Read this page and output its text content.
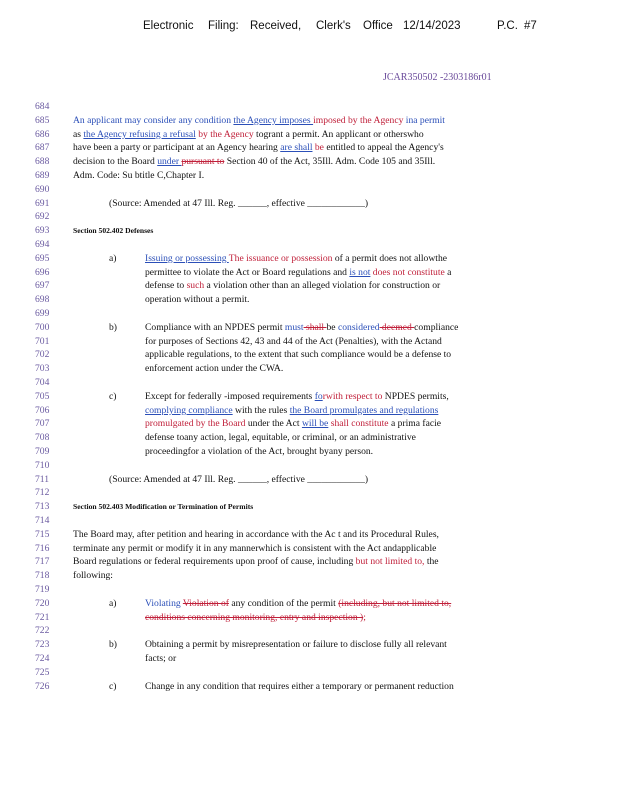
Electronic Filing: Received, Clerk's Office 12/14/2023	P.C. #7
JCAR350502 -2303186r01
684
685
686
687
688
689
690
691
692
693
694
695
696
697
698
699
700
701
702
703
704
705
706
707
708
709
710
711
712
713
714
715
716
717
718
719
720
721
722
723
724
725
726
An applicant may consider any condition the Agency imposes imposed by the Agency ina permit
as the Agency refusing a refusal by the Agency togrant a permit. An applicant or otherswho
have been a party or participant at an Agency hearing are shall be entitled to appeal the Agency's
decision to the Board under pursuant to Section 40 of the Act, 35Ill. Adm. Code 105 and 35Ill.
Adm. Code: Su btitle C,Chapter I.
(Source: Amended at 47 Ill. Reg. ______, effective ____________)
Section 502.402 Defenses
a)	Issuing or possessing The issuance or possession of a permit does not allowthe
permittee to violate the Act or Board regulations and is not does not constitute a
defense to such a violation other than an alleged violation for construction or
operation without a permit.
b)	Compliance with an NPDES permit must shall be considered deemed compliance
for purposes of Sections 42, 43 and 44 of the Act (Penalties), with the Actand
applicable regulations, to the extent that such compliance would be a defense to
enforcement action under the CWA.
c)	Except for federally -imposed requirements forwith respect to NPDES permits,
complying compliance with the rules the Board promulgates and regulations
promulgated by the Board under the Act will be shall constitute a prima facie
defense toany action, legal, equitable, or criminal, or an administrative
proceedingfor a violation of the Act, brought byany person.
(Source: Amended at 47 Ill. Reg. ______, effective ____________)
Section 502.403 Modification or Termination of Permits
The Board may, after petition and hearing in accordance with the Ac t and its Procedural Rules,
terminate any permit or modify it in any mannerwhich is consistent with the Act andapplicable
Board regulations or federal requirements upon proof of cause, including but not limited to, the
following:
a)	Violating Violation of any condition of the permit (including, but not limited to,
conditions concerning monitoring, entry and inspection );
b)	Obtaining a permit by misrepresentation or failure to disclose fully all relevant
facts; or
c)	Change in any condition that requires either a temporary or permanent reduction
